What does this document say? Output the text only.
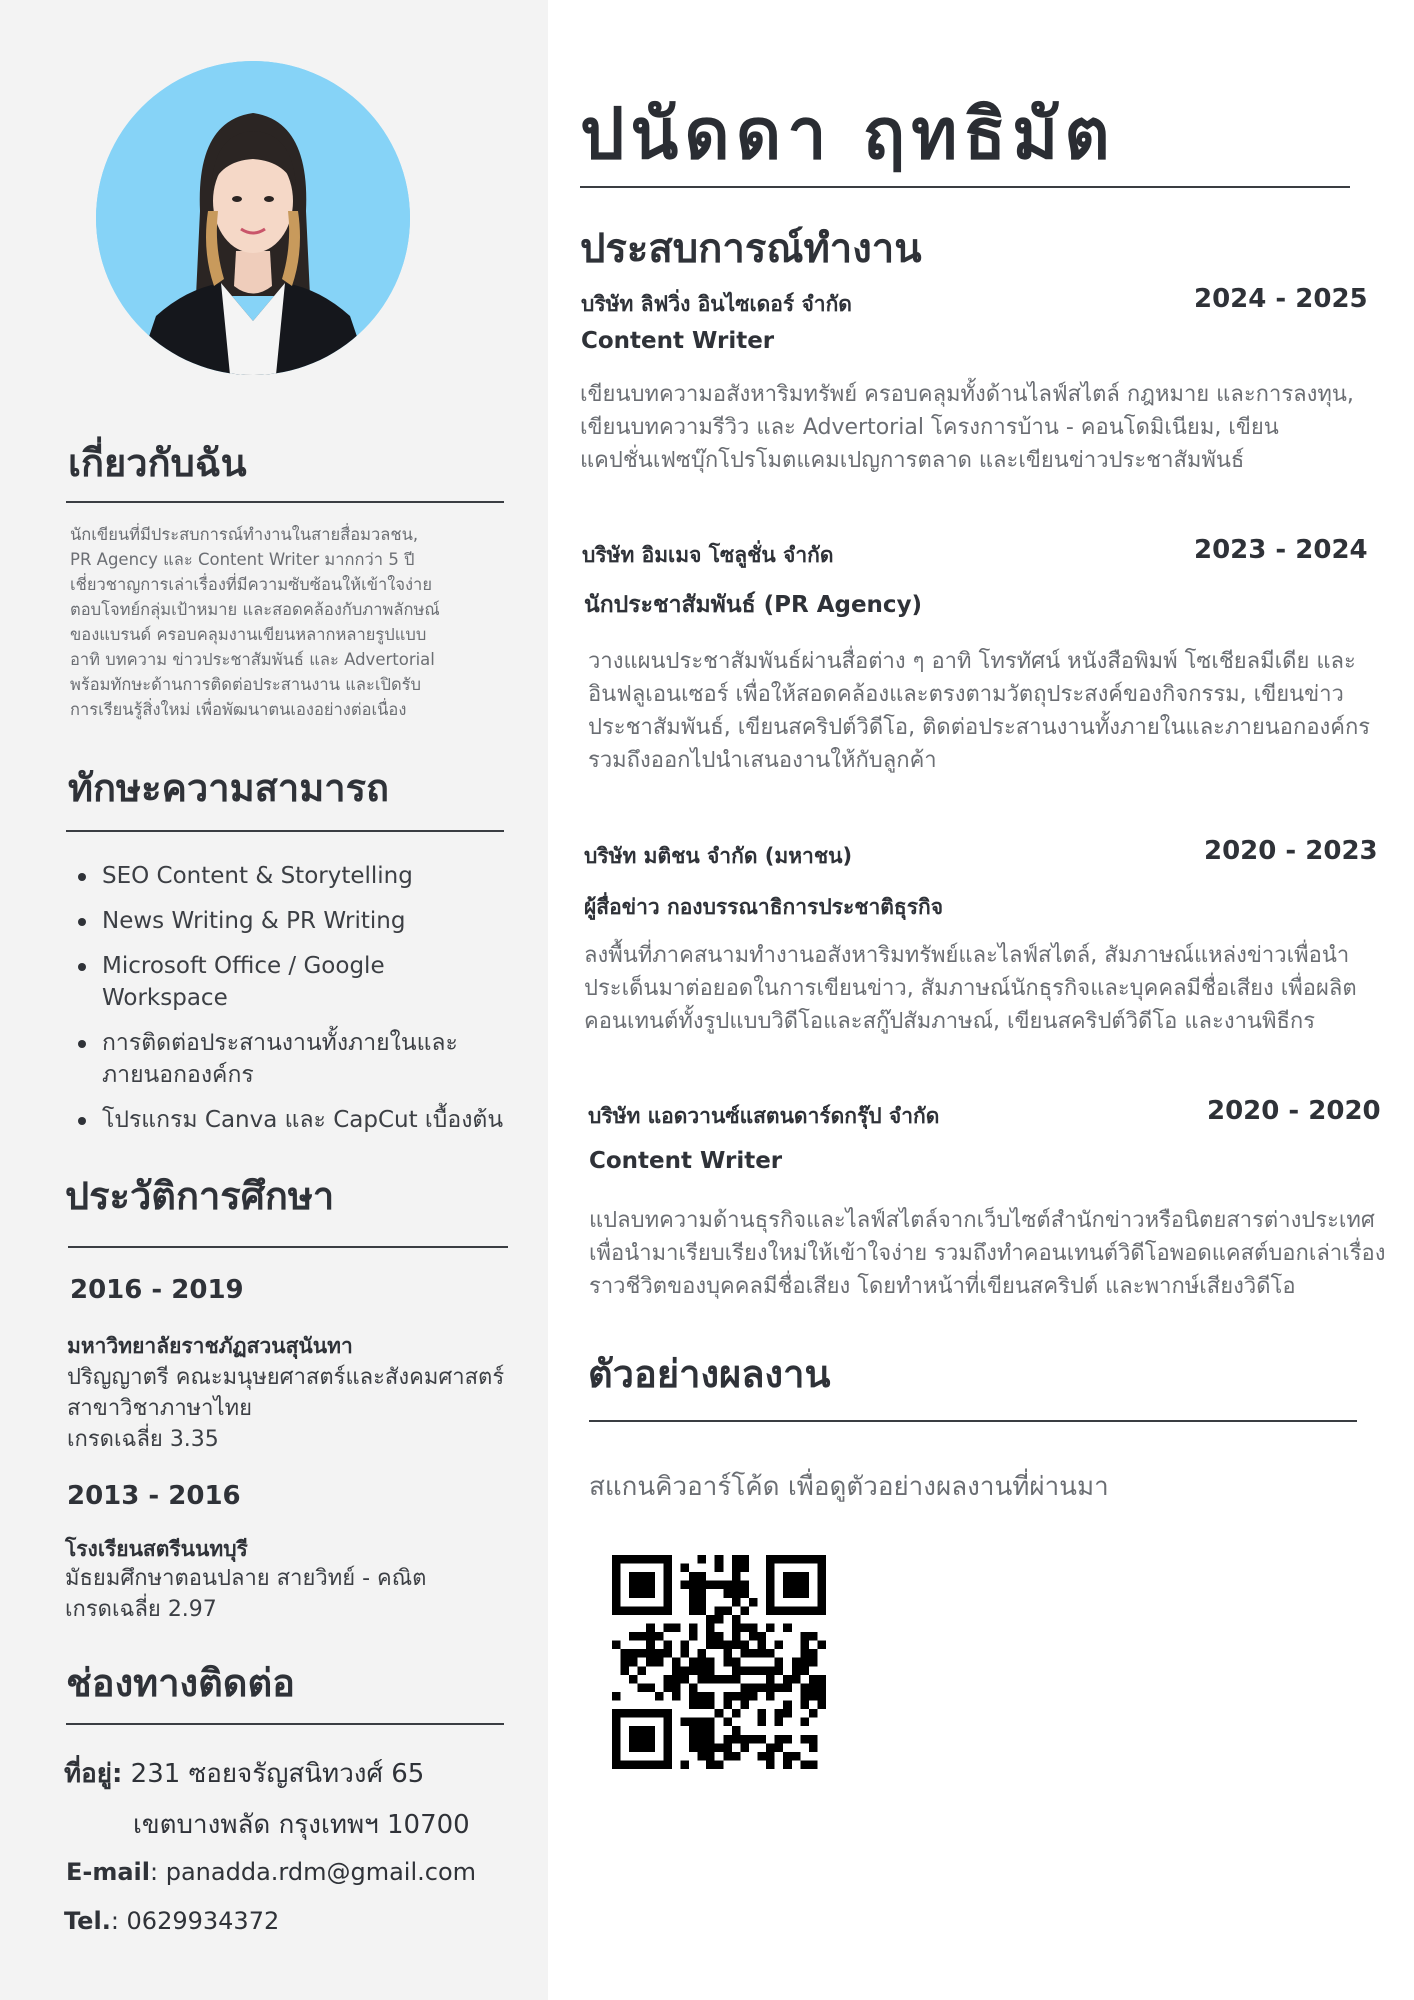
เกี่ยวกับฉัน
นักเขียนที่มีประสบการณ์ทำงานในสายสื่อมวลชน,
PR Agency และ Content Writer มากกว่า 5 ปี
เชี่ยวชาญการเล่าเรื่องที่มีความซับซ้อนให้เข้าใจง่าย
ตอบโจทย์กลุ่มเป้าหมาย และสอดคล้องกับภาพลักษณ์
ของแบรนด์ ครอบคลุมงานเขียนหลากหลายรูปแบบ
อาทิ บทความ ข่าวประชาสัมพันธ์ และ Advertorial
พร้อมทักษะด้านการติดต่อประสานงาน และเปิดรับ
การเรียนรู้สิ่งใหม่ เพื่อพัฒนาตนเองอย่างต่อเนื่อง
ทักษะความสามารถ
SEO Content & Storytelling
News Writing & PR Writing
Microsoft Office / Google
Workspace
การติดต่อประสานงานทั้งภายในและ
ภายนอกองค์กร
โปรแกรม Canva และ CapCut เบื้องต้น
ประวัติการศึกษา
2016 - 2019
มหาวิทยาลัยราชภัฏสวนสุนันทา
ปริญญาตรี คณะมนุษยศาสตร์และสังคมศาสตร์
สาขาวิชาภาษาไทย
เกรดเฉลี่ย 3.35
2013 - 2016
โรงเรียนสตรีนนทบุรี
มัธยมศึกษาตอนปลาย สายวิทย์ - คณิต
เกรดเฉลี่ย 2.97
ช่องทางติดต่อ
ที่อยู่: 231 ซอยจรัญสนิทวงศ์ 65
เขตบางพลัด กรุงเทพฯ 10700
E-mail: panadda.rdm@gmail.com
Tel.: 0629934372
ปนัดดา ฤทธิมัต
ประสบการณ์ทำงาน
บริษัท ลิฟวิ่ง อินไซเดอร์ จำกัด	2024 - 2025
Content Writer
เขียนบทความอสังหาริมทรัพย์ ครอบคลุมทั้งด้านไลฟ์สไตล์ กฎหมาย และการลงทุน,
เขียนบทความรีวิว และ Advertorial โครงการบ้าน - คอนโดมิเนียม, เขียน
แคปชั่นเฟซบุ๊กโปรโมตแคมเปญการตลาด และเขียนข่าวประชาสัมพันธ์
บริษัท อิมเมจ โซลูชั่น จำกัด	2023 - 2024
นักประชาสัมพันธ์ (PR Agency)
วางแผนประชาสัมพันธ์ผ่านสื่อต่าง ๆ อาทิ โทรทัศน์ หนังสือพิมพ์ โซเชียลมีเดีย และ
อินฟลูเอนเซอร์ เพื่อให้สอดคล้องและตรงตามวัตถุประสงค์ของกิจกรรม, เขียนข่าว
ประชาสัมพันธ์, เขียนสคริปต์วิดีโอ, ติดต่อประสานงานทั้งภายในและภายนอกองค์กร
รวมถึงออกไปนำเสนองานให้กับลูกค้า
บริษัท มติชน จำกัด (มหาชน)	2020 - 2023
ผู้สื่อข่าว กองบรรณาธิการประชาติธุรกิจ
ลงพื้นที่ภาคสนามทำงานอสังหาริมทรัพย์และไลฟ์สไตล์, สัมภาษณ์แหล่งข่าวเพื่อนำ
ประเด็นมาต่อยอดในการเขียนข่าว, สัมภาษณ์นักธุรกิจและบุคคลมีชื่อเสียง เพื่อผลิต
คอนเทนต์ทั้งรูปแบบวิดีโอและสกู๊ปสัมภาษณ์, เขียนสคริปต์วิดีโอ และงานพิธีกร
บริษัท แอดวานซ์แสตนดาร์ดกรุ๊ป จำกัด	2020 - 2020
Content Writer
แปลบทความด้านธุรกิจและไลฟ์สไตล์จากเว็บไซต์สำนักข่าวหรือนิตยสารต่างประเทศ
เพื่อนำมาเรียบเรียงใหม่ให้เข้าใจง่าย รวมถึงทำคอนเทนต์วิดีโอพอดแคสต์บอกเล่าเรื่อง
ราวชีวิตของบุคคลมีชื่อเสียง โดยทำหน้าที่เขียนสคริปต์ และพากษ์เสียงวิดีโอ
ตัวอย่างผลงาน
สแกนคิวอาร์โค้ด เพื่อดูตัวอย่างผลงานที่ผ่านมา
